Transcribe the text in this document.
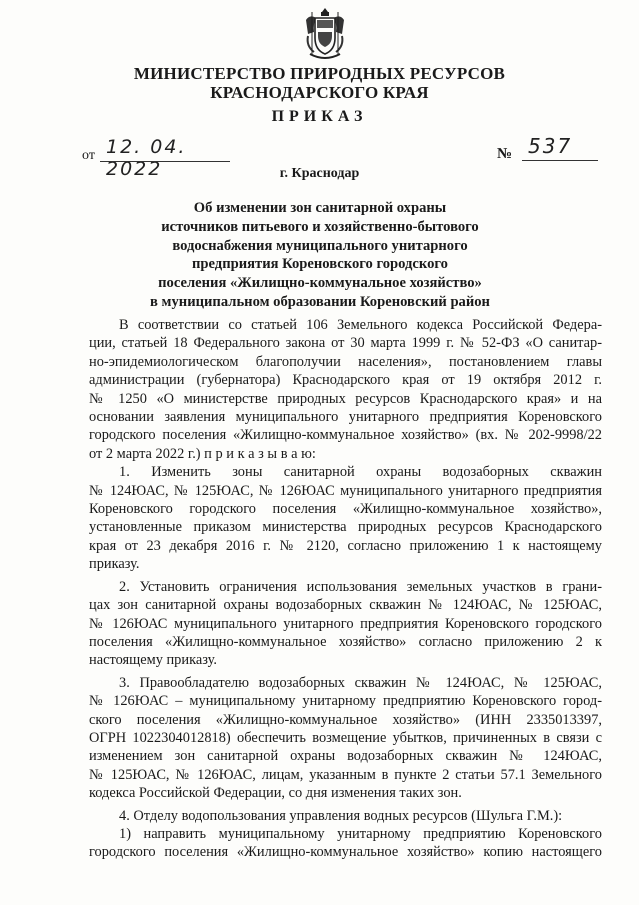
МИНИСТЕРСТВО ПРИРОДНЫХ РЕСУРСОВ
КРАСНОДАРСКОГО КРАЯ
ПРИКАЗ
от 12. 04. 2022
№ 537
г. Краснодар
Об изменении зон санитарной охраны
источников питьевого и хозяйственно-бытового
водоснабжения муниципального унитарного
предприятия Кореновского городского
поселения «Жилищно-коммунальное хозяйство»
в муниципальном образовании Кореновский район
В соответствии со статьей 106 Земельного кодекса Российской Федера-
ции, статьей 18 Федерального закона от 30 марта 1999 г. № 52-ФЗ «О санитар-
но-эпидемиологическом благополучии населения», постановлением главы
администрации (губернатора) Краснодарского края от 19 октября 2012 г.
№ 1250 «О министерстве природных ресурсов Краснодарского края» и на
основании заявления муниципального унитарного предприятия Кореновского
городского поселения «Жилищно-коммунальное хозяйство» (вх. № 202-9998/22
от 2 марта 2022 г.) п р и к а з ы в а ю:
1. Изменить зоны санитарной охраны водозаборных скважин
№ 124ЮАС, № 125ЮАС, № 126ЮАС муниципального унитарного предприятия
Кореновского городского поселения «Жилищно-коммунальное хозяйство»,
установленные приказом министерства природных ресурсов Краснодарского
края от 23 декабря 2016 г. № 2120, согласно приложению 1 к настоящему
приказу.
2. Установить ограничения использования земельных участков в грани-
цах зон санитарной охраны водозаборных скважин № 124ЮАС, № 125ЮАС,
№ 126ЮАС муниципального унитарного предприятия Кореновского городского
поселения «Жилищно-коммунальное хозяйство» согласно приложению 2 к
настоящему приказу.
3. Правообладателю водозаборных скважин № 124ЮАС, № 125ЮАС,
№ 126ЮАС – муниципальному унитарному предприятию Кореновского город-
ского поселения «Жилищно-коммунальное хозяйство» (ИНН 2335013397,
ОГРН 1022304012818) обеспечить возмещение убытков, причиненных в связи с
изменением зон санитарной охраны водозаборных скважин № 124ЮАС,
№ 125ЮАС, № 126ЮАС, лицам, указанным в пункте 2 статьи 57.1 Земельного
кодекса Российской Федерации, со дня изменения таких зон.
4. Отделу водопользования управления водных ресурсов (Шульга Г.М.):
1) направить муниципальному унитарному предприятию Кореновского
городского поселения «Жилищно-коммунальное хозяйство» копию настоящего
